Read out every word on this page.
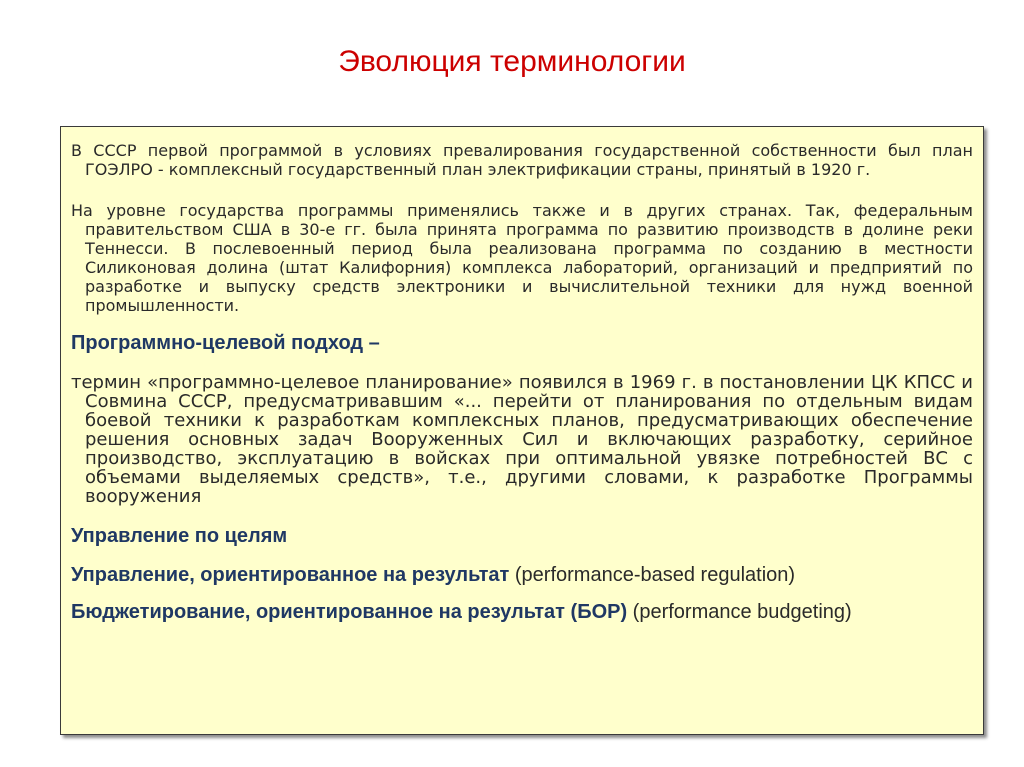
Эволюция терминологии

В СССР первой программой в условиях превалирования государственной собственности был план ГОЭЛРО - комплексный государственный план электрификации страны, принятый в 1920 г.

На уровне государства программы применялись также и в других странах. Так, федеральным правительством США в 30-е гг. была принята программа по развитию производств в долине реки Теннесси. В послевоенный период была реализована программа по созданию в местности Силиконовая долина (штат Калифорния) комплекса лабораторий, организаций и предприятий по разработке и выпуску средств электроники и вычислительной техники для нужд военной промышленности.

Программно-целевой подход –

термин «программно-целевое планирование» появился в 1969 г. в постановлении ЦК КПСС и Совмина СССР, предусматривавшим «... перейти от планирования по отдельным видам боевой техники к разработкам комплексных планов, предусматривающих обеспечение решения основных задач Вооруженных Сил и включающих разработку, серийное производство, эксплуатацию в войсках при оптимальной увязке потребностей ВС с объемами выделяемых средств», т.е., другими словами, к разработке Программы вооружения

Управление по целям

Управление, ориентированное на результат (performance-based regulation)

Бюджетирование, ориентированное на результат (БОР) (performance budgeting)
